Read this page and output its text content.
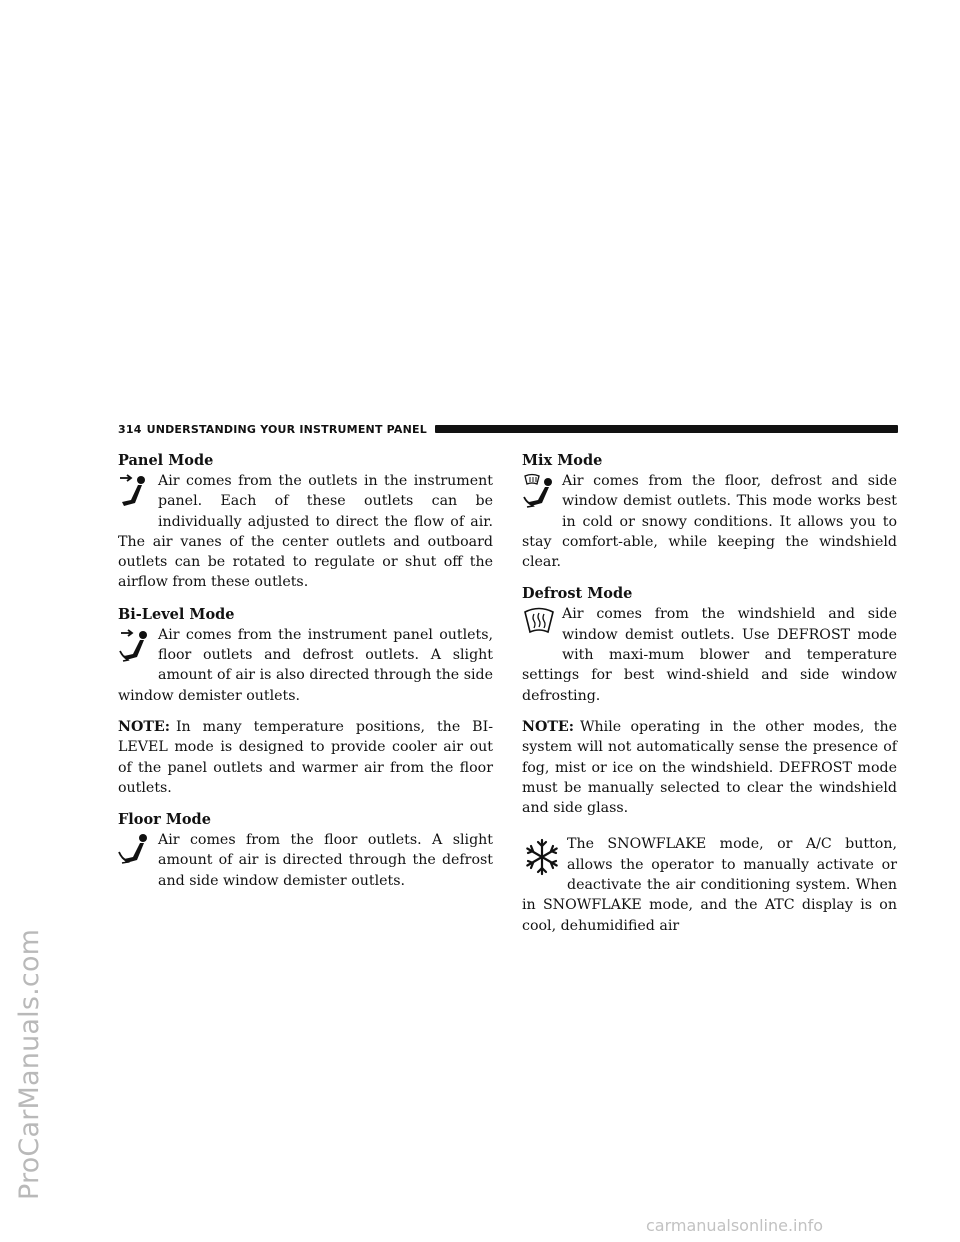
ProCarManuals.com
carmanualsonline.info
314 UNDERSTANDING YOUR INSTRUMENT PANEL
Panel Mode

Air comes from the outlets in the instrument panel. Each of these outlets can be individually adjusted to direct the flow of air. The air vanes of the center outlets and outboard outlets can be rotated to regulate or shut off the airflow from these outlets.

Bi-Level Mode

Air comes from the instrument panel outlets, floor outlets and defrost outlets. A slight amount of air is also directed through the side window demister outlets.

NOTE: In many temperature positions, the BI-LEVEL mode is designed to provide cooler air out of the panel outlets and warmer air from the floor outlets.

Floor Mode

Air comes from the floor outlets. A slight amount of air is directed through the defrost and side window demister outlets.

Mix Mode

Air comes from the floor, defrost and side window demist outlets. This mode works best in cold or snowy conditions. It allows you to stay comfort-able, while keeping the windshield clear.

Defrost Mode

Air comes from the windshield and side window demist outlets. Use DEFROST mode with maxi-mum blower and temperature settings for best wind-shield and side window defrosting.

NOTE: While operating in the other modes, the system will not automatically sense the presence of fog, mist or ice on the windshield. DEFROST mode must be manually selected to clear the windshield and side glass.

The SNOWFLAKE mode, or A/C button, allows the operator to manually activate or deactivate the air conditioning system. When in SNOWFLAKE mode, and the ATC display is on cool, dehumidified air
